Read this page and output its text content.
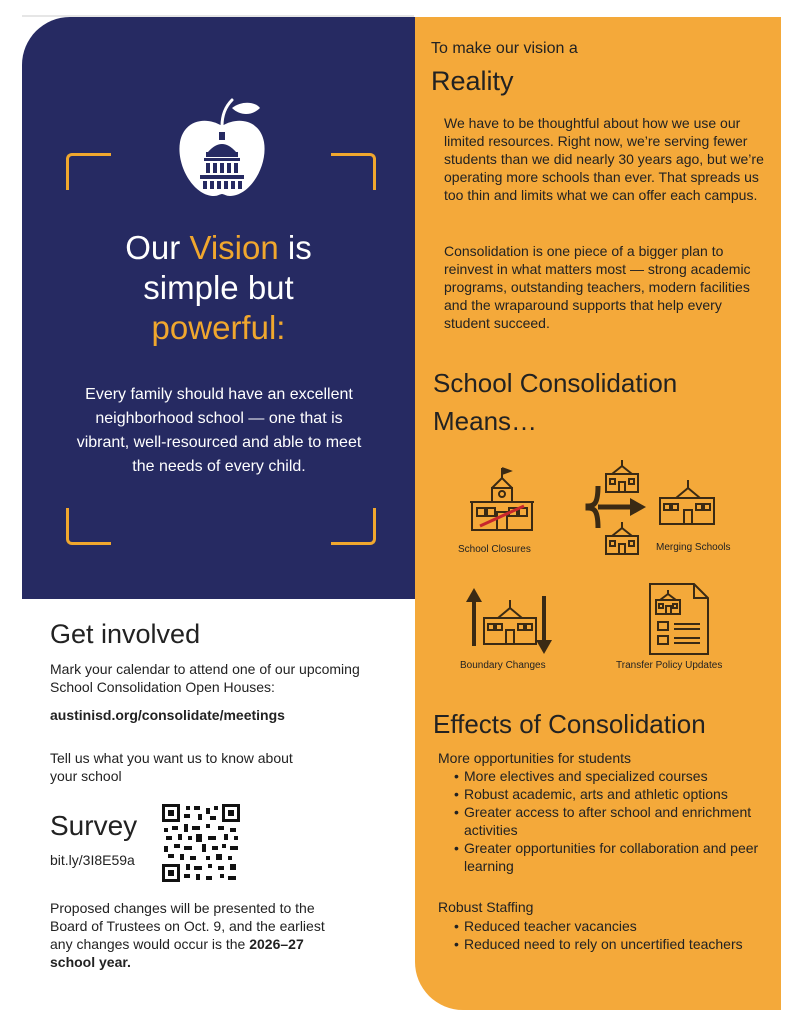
Our Vision is
simple but
powerful:
Every family should have an excellent neighborhood school — one that is vibrant, well-resourced and able to meet the needs of every child.
To make our vision a
Reality

We have to be thoughtful about how we use our limited resources. Right now, we’re serving fewer students than we did nearly 30 years ago, but we’re operating more schools than ever. That spreads us too thin and limits what we can offer each campus.

Consolidation is one piece of a bigger plan to reinvest in what matters most — strong academic programs, outstanding teachers, modern facilities and the wraparound supports that help every student succeed.

School Consolidation
Means…
School Closures	Merging Schools
Boundary Changes	Transfer Policy Updates
Effects of Consolidation
More opportunities for students
• More electives and specialized courses
• Robust academic, arts and athletic options
• Greater access to after school and enrichment activities
• Greater opportunities for collaboration and peer learning
Robust Staffing
• Reduced teacher vacancies
• Reduced need to rely on uncertified teachers
Get involved

Mark your calendar to attend one of our upcoming School Consolidation Open Houses:

austinisd.org/consolidate/meetings

Tell us what you want us to know about your school

Survey
bit.ly/3I8E59a

Proposed changes will be presented to the Board of Trustees on Oct. 9, and the earliest any changes would occur is the 2026–27 school year.
